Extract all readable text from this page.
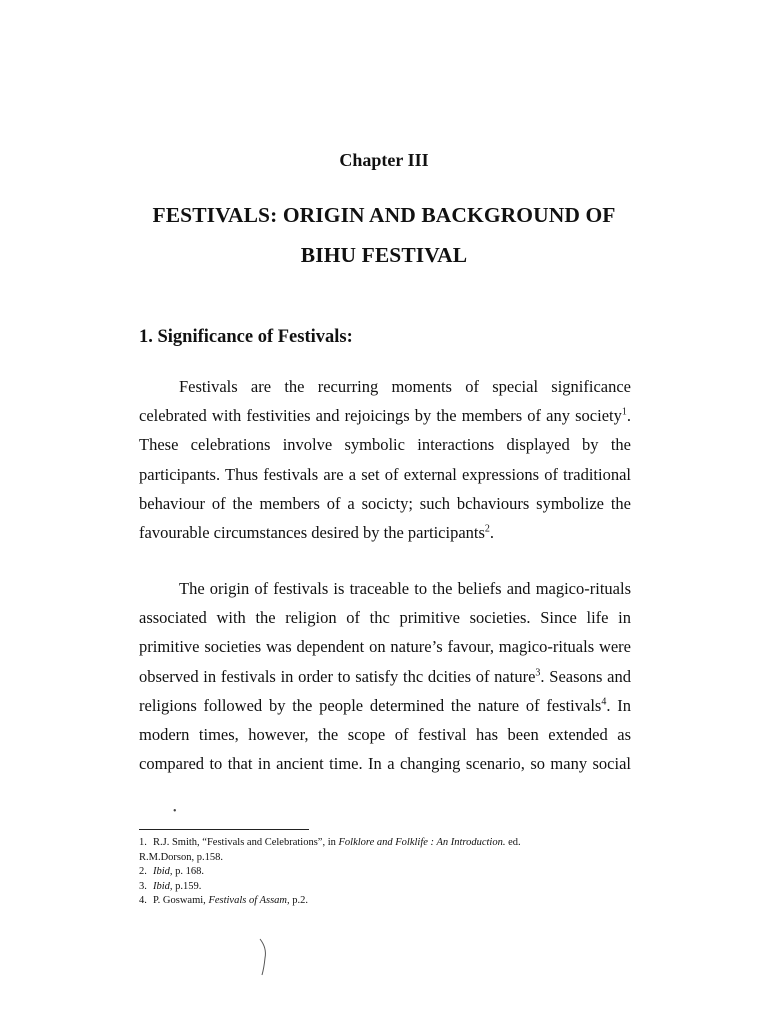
Chapter III
FESTIVALS: ORIGIN AND BACKGROUND OF
BIHU FESTIVAL
1. Significance of Festivals:
Festivals are the recurring moments of special significance
celebrated with festivities and rejoicings by the members of any society$^1$.
These celebrations involve symbolic interactions displayed by the
participants. Thus festivals are a set of external expressions of traditional
behaviour of the members of a socicty; such bchaviours symbolize the
favourable circumstances desired by the participants$^2$.
The origin of festivals is traceable to the beliefs and magico-rituals
associated with the religion of thc primitive societies. Since life in
primitive societies was dependent on nature’s favour, magico-rituals were
observed in festivals in order to satisfy thc dcities of nature$^3$. Seasons and
religions followed by the people determined the nature of festivals$^4$. In
modern times, however, the scope of festival has been extended as
compared to that in ancient time. In a changing scenario, so many social
•
1. R.J. Smith, “Festivals and Celebrations”, in Folklore and Folklife : An Introduction. ed.
R.M.Dorson, p.158.
2. Ibid, p. 168.
3. Ibid, p.159.
4. P. Goswami, Festivals of Assam, p.2.
